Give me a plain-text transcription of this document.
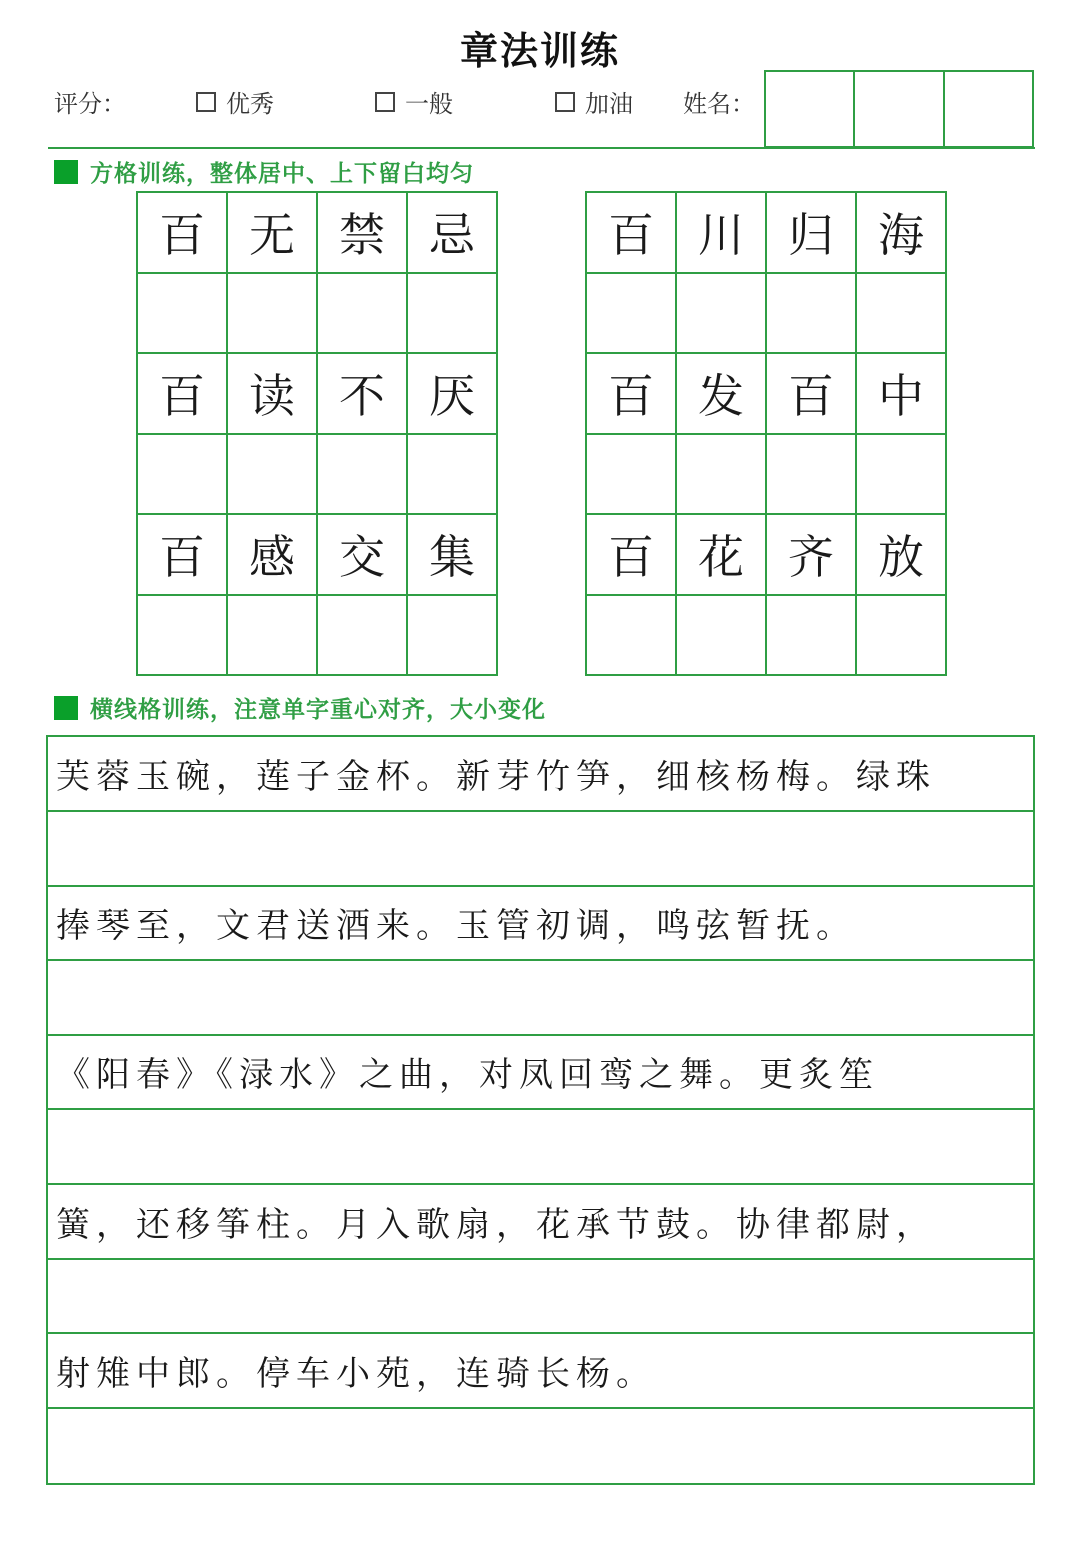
章法训练
评分：	优秀	一般	加油 姓名：
方格训练，整体居中、上下留白均匀
百 无 禁 忌
百 读 不 厌
百 感 交 集
百 川 归 海
百 发 百 中
百 花 齐 放
横线格训练，注意单字重心对齐，大小变化
芙蓉玉碗，莲子金杯。新芽竹笋，细核杨梅。绿珠
捧琴至，文君送酒来。玉管初调，鸣弦暂抚。
《阳春》《渌水》之曲，对凤回鸾之舞。更炙笙
簧，还移筝柱。月入歌扇，花承节鼓。协律都尉，
射雉中郎。停车小苑，连骑长杨。
